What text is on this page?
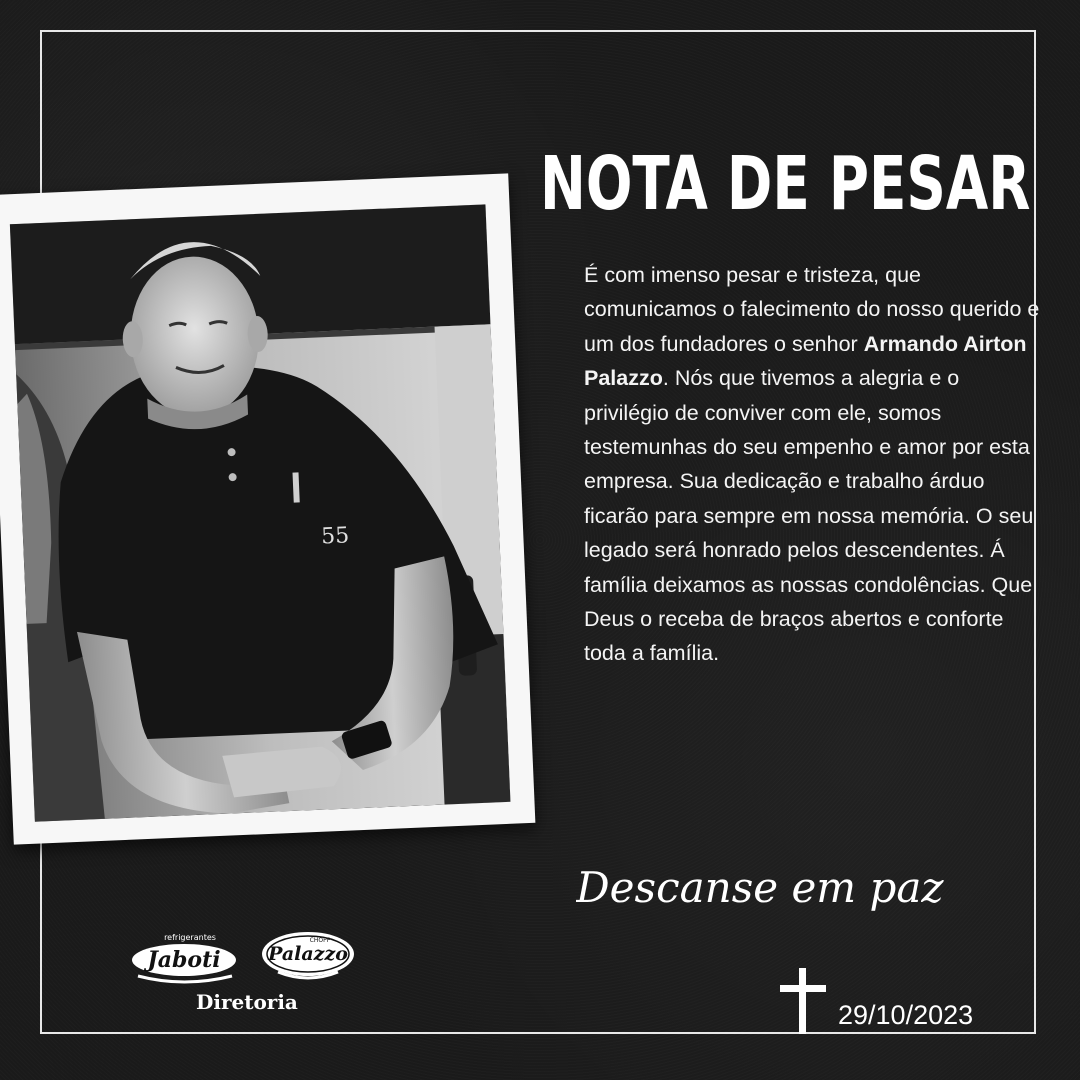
55
NOTA DE PESAR
É com imenso pesar e tristeza, que comunicamos o falecimento do nosso querido e um dos fundadores o senhor Armando Airton Palazzo. Nós que tivemos a alegria e o privilégio de conviver com ele, somos testemunhas do seu empenho e amor por esta empresa. Sua dedicação e trabalho árduo ficarão para sempre em nossa memória. O seu legado será honrado pelos descendentes. Á família deixamos as nossas condolências. Que Deus o receba de braços abertos e conforte toda a família.
Descanse em paz
refrigerantes
Jaboti
CHOPP
Palazzo
Diretoria	29/10/2023
